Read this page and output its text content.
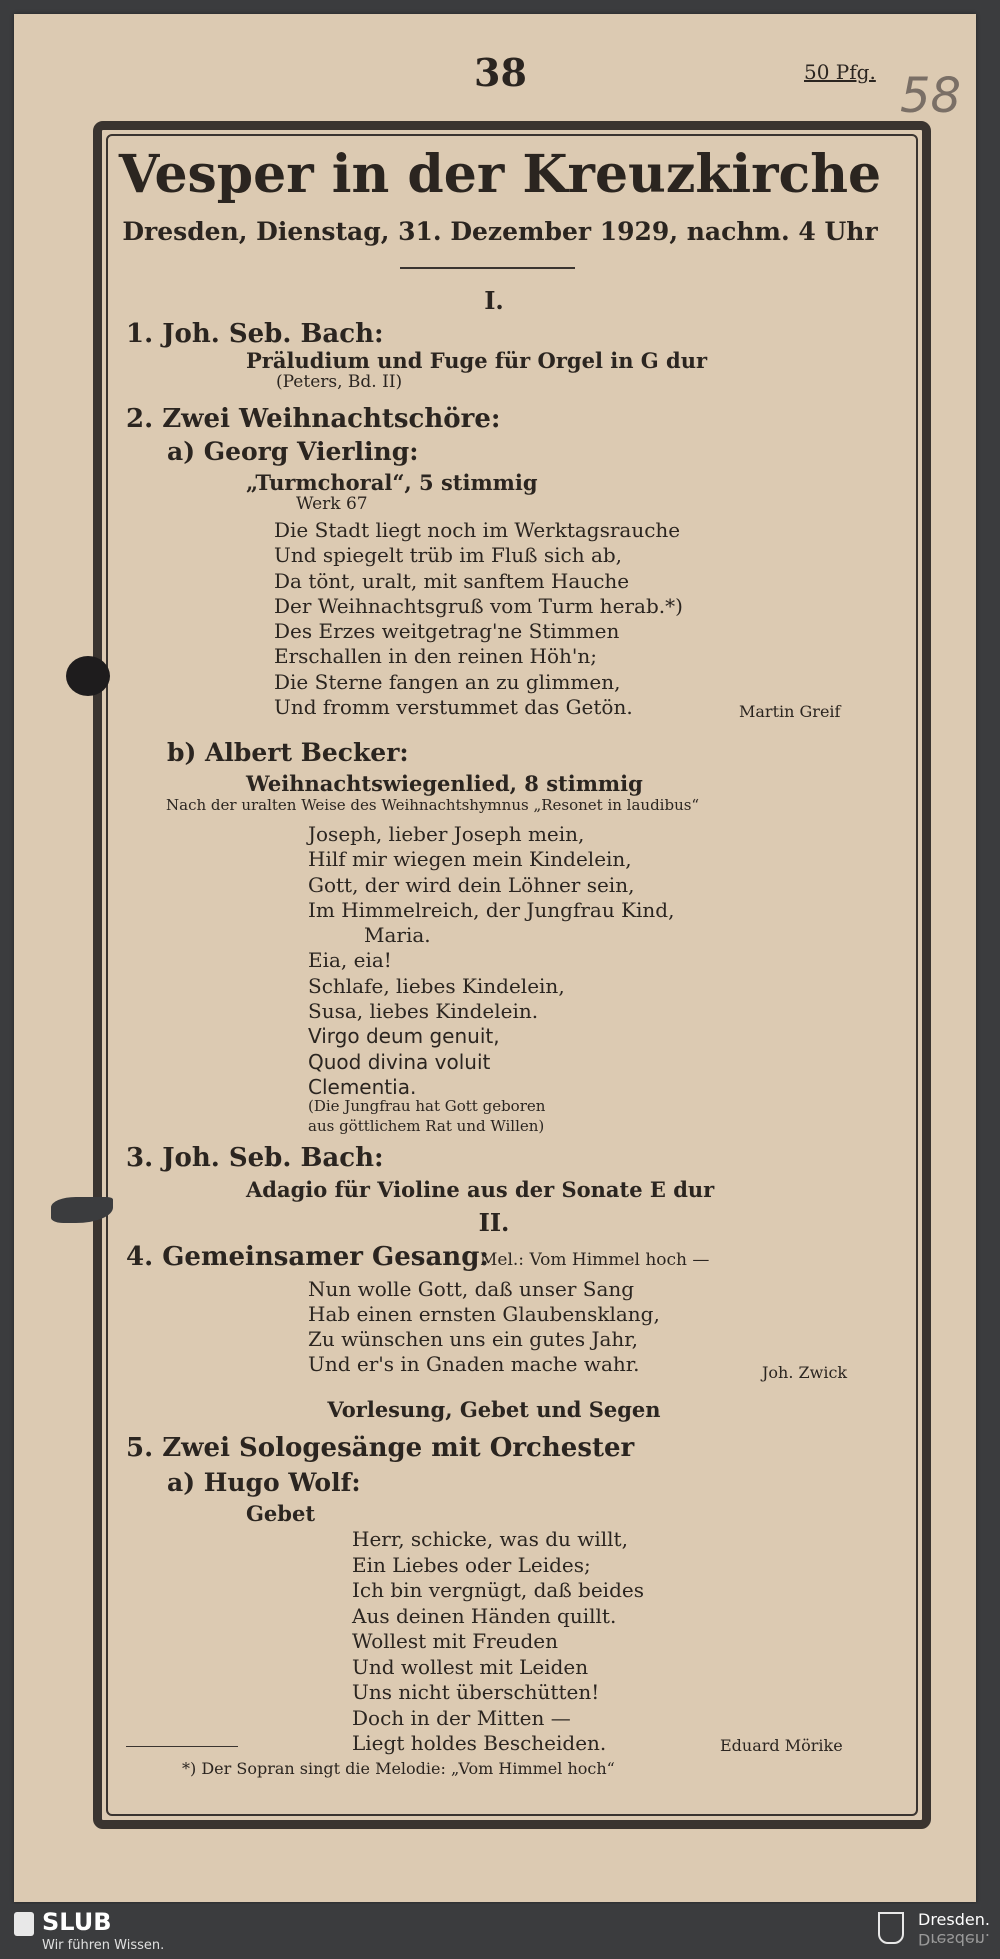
38	50 Pfg. 58
Vesper in der Kreuzkirche
Dresden, Dienstag, 31. Dezember 1929, nachm. 4 Uhr
I.
1. Joh. Seb. Bach:
Präludium und Fuge für Orgel in G dur
(Peters, Bd. II)
2. Zwei Weihnachtschöre:
a) Georg Vierling:
„Turmchoral“, 5 stimmig
Werk 67
Die Stadt liegt noch im Werktagsrauche
Und spiegelt trüb im Fluß sich ab,
Da tönt, uralt, mit sanftem Hauche
Der Weihnachtsgruß vom Turm herab.*)
Des Erzes weitgetrag'ne Stimmen
Erschallen in den reinen Höh'n;
Die Sterne fangen an zu glimmen,
Und fromm verstummet das Getön.	Martin Greif
b) Albert Becker:
Weihnachtswiegenlied, 8 stimmig
Nach der uralten Weise des Weihnachtshymnus „Resonet in laudibus“
Joseph, lieber Joseph mein,
Hilf mir wiegen mein Kindelein,
Gott, der wird dein Löhner sein,
Im Himmelreich, der Jungfrau Kind,
Maria.
Eia, eia!
Schlafe, liebes Kindelein,
Susa, liebes Kindelein.
Virgo deum genuit,
Quod divina voluit
Clementia.
(Die Jungfrau hat Gott geboren
aus göttlichem Rat und Willen)
3. Joh. Seb. Bach:
Adagio für Violine aus der Sonate E dur
II.
4. Gemeinsamer Gesang:
Mel.: Vom Himmel hoch —
Nun wolle Gott, daß unser Sang
Hab einen ernsten Glaubensklang,
Zu wünschen uns ein gutes Jahr,
Und er's in Gnaden mache wahr.	Joh. Zwick
Vorlesung, Gebet und Segen
5. Zwei Sologesänge mit Orchester
a) Hugo Wolf:
Gebet
Herr, schicke, was du willt,
Ein Liebes oder Leides;
Ich bin vergnügt, daß beides
Aus deinen Händen quillt.
Wollest mit Freuden
Und wollest mit Leiden
Uns nicht überschütten!
Doch in der Mitten —
Liegt holdes Bescheiden.	Eduard Mörike
*) Der Sopran singt die Melodie: „Vom Himmel hoch“
SLUB
Wir führen Wissen.
Dresden.
Dresden.
